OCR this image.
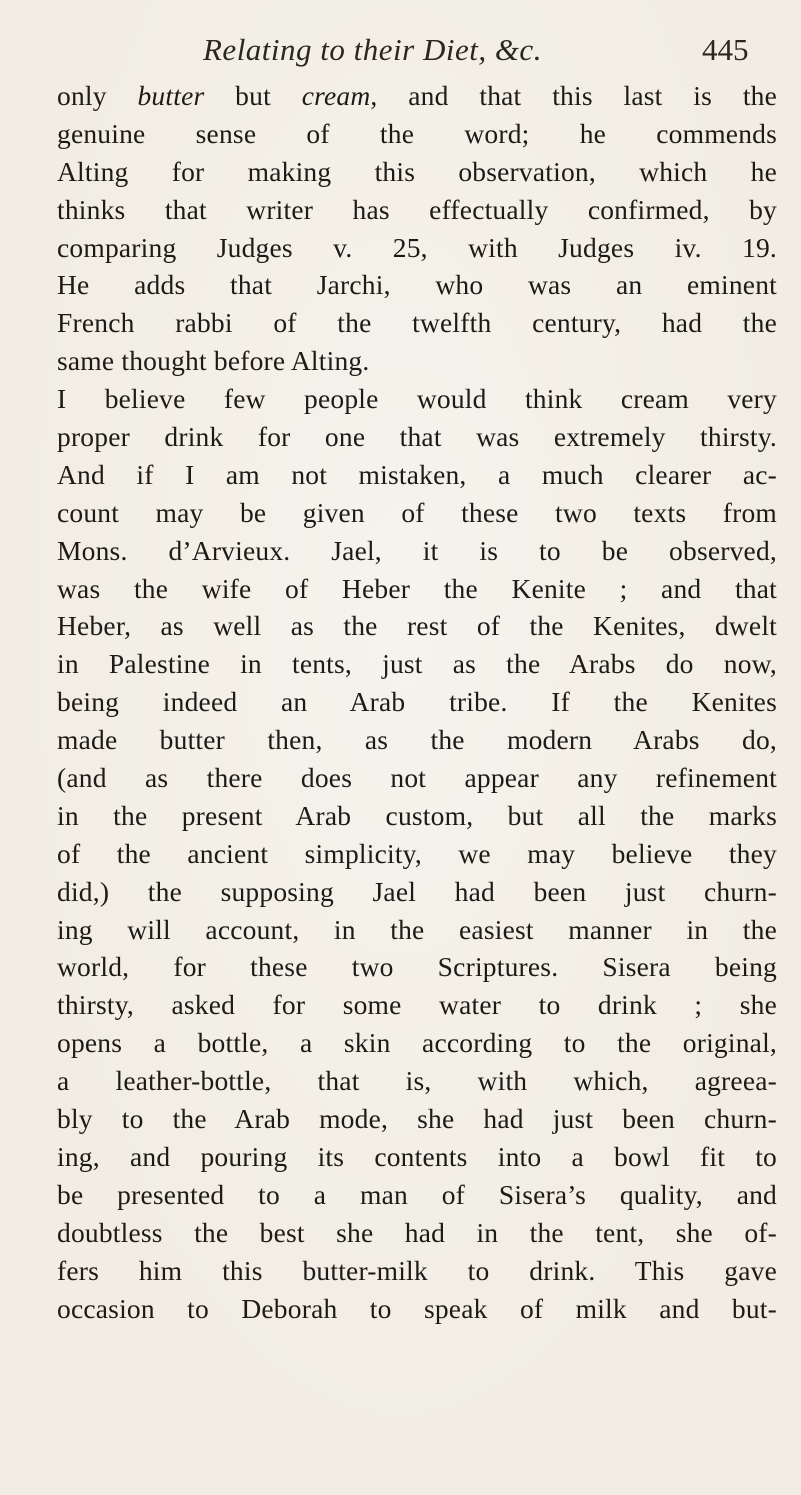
Relating to their Diet, &c.	445
only butter but cream, and that this last is the
genuine sense of the word; he commends
Alting for making this observation, which he
thinks that writer has effectually confirmed, by
comparing Judges v. 25, with Judges iv. 19.
He adds that Jarchi, who was an eminent
French rabbi of the twelfth century, had the
same thought before Alting.
I believe few people would think cream very
proper drink for one that was extremely thirsty.
And if I am not mistaken, a much clearer ac-
count may be given of these two texts from
Mons. d’Arvieux. Jael, it is to be observed,
was the wife of Heber the Kenite ; and that
Heber, as well as the rest of the Kenites, dwelt
in Palestine in tents, just as the Arabs do now,
being indeed an Arab tribe. If the Kenites
made butter then, as the modern Arabs do,
(and as there does not appear any refinement
in the present Arab custom, but all the marks
of the ancient simplicity, we may believe they
did,) the supposing Jael had been just churn-
ing will account, in the easiest manner in the
world, for these two Scriptures. Sisera being
thirsty, asked for some water to drink ; she
opens a bottle, a skin according to the original,
a leather-bottle, that is, with which, agreea-
bly to the Arab mode, she had just been churn-
ing, and pouring its contents into a bowl fit to
be presented to a man of Sisera’s quality, and
doubtless the best she had in the tent, she of-
fers him this butter-milk to drink. This gave
occasion to Deborah to speak of milk and but-
